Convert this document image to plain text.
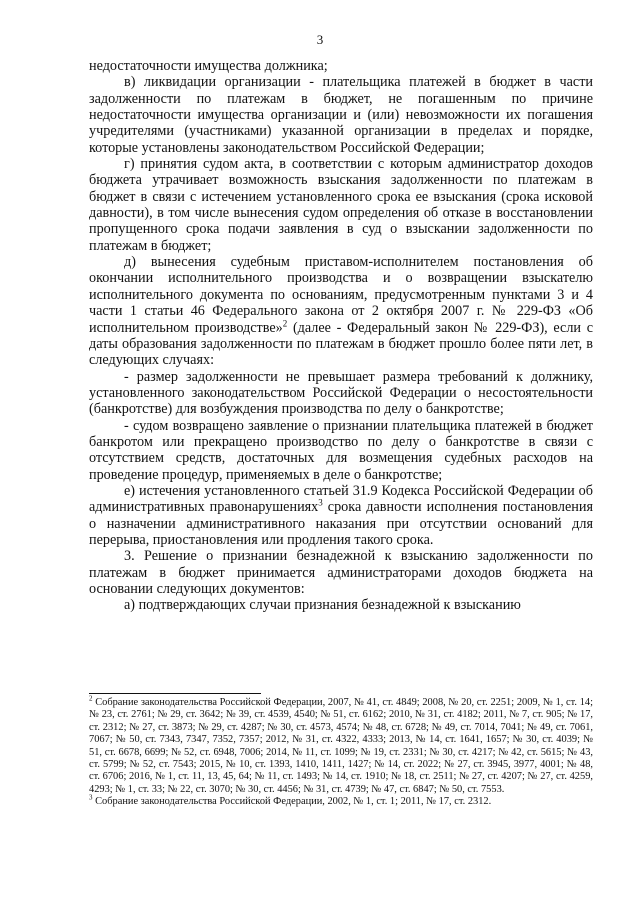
3

недостаточности имущества должника;

в) ликвидации организации - плательщика платежей в бюджет в части задолженности по платежам в бюджет, не погашенным по причине недостаточности имущества организации и (или) невозможности их погашения учредителями (участниками) указанной организации в пределах и порядке, которые установлены законодательством Российской Федерации;

г) принятия судом акта, в соответствии с которым администратор доходов бюджета утрачивает возможность взыскания задолженности по платежам в бюджет в связи с истечением установленного срока ее взыскания (срока исковой давности), в том числе вынесения судом определения об отказе в восстановлении пропущенного срока подачи заявления в суд о взыскании задолженности по платежам в бюджет;

д) вынесения судебным приставом-исполнителем постановления об окончании исполнительного производства и о возвращении взыскателю исполнительного документа по основаниям, предусмотренным пунктами 3 и 4 части 1 статьи 46 Федерального закона от 2 октября 2007 г. № 229-ФЗ «Об исполнительном производстве»$^2$ (далее - Федеральный закон № 229-ФЗ), если с даты образования задолженности по платежам в бюджет прошло более пяти лет, в следующих случаях:

- размер задолженности не превышает размера требований к должнику, установленного законодательством Российской Федерации о несостоятельности (банкротстве) для возбуждения производства по делу о банкротстве;

- судом возвращено заявление о признании плательщика платежей в бюджет банкротом или прекращено производство по делу о банкротстве в связи с отсутствием средств, достаточных для возмещения судебных расходов на проведение процедур, применяемых в деле о банкротстве;

е) истечения установленного статьей 31.9 Кодекса Российской Федерации об административных правонарушениях$^3$ срока давности исполнения постановления о назначении административного наказания при отсутствии оснований для перерыва, приостановления или продления такого срока.

3. Решение о признании безнадежной к взысканию задолженности по платежам в бюджет принимается администраторами доходов бюджета на основании следующих документов:

а) подтверждающих случаи признания безнадежной к взысканию

$^2$ Собрание законодательства Российской Федерации, 2007, № 41, ст. 4849; 2008, № 20, ст. 2251; 2009, № 1, ст. 14; № 23, ст. 2761; № 29, ст. 3642; № 39, ст. 4539, 4540; № 51, ст. 6162; 2010, № 31, ст. 4182; 2011, № 7, ст. 905; № 17, ст. 2312; № 27, ст. 3873; № 29, ст. 4287; № 30, ст. 4573, 4574; № 48, ст. 6728; № 49, ст. 7014, 7041; № 49, ст. 7061, 7067; № 50, ст. 7343, 7347, 7352, 7357; 2012, № 31, ст. 4322, 4333; 2013, № 14, ст. 1641, 1657; № 30, ст. 4039; № 51, ст. 6678, 6699; № 52, ст. 6948, 7006; 2014, № 11, ст. 1099; № 19, ст. 2331; № 30, ст. 4217; № 42, ст. 5615; № 43, ст. 5799; № 52, ст. 7543; 2015, № 10, ст. 1393, 1410, 1411, 1427; № 14, ст. 2022; № 27, ст. 3945, 3977, 4001; № 48, ст. 6706; 2016, № 1, ст. 11, 13, 45, 64; № 11, ст. 1493; № 14, ст. 1910; № 18, ст. 2511; № 27, ст. 4207; № 27, ст. 4259, 4293; № 1, ст. 33; № 22, ст. 3070; № 30, ст. 4456; № 31, ст. 4739; № 47, ст. 6847; № 50, ст. 7553.

$^3$ Собрание законодательства Российской Федерации, 2002, № 1, ст. 1; 2011, № 17, ст. 2312.
